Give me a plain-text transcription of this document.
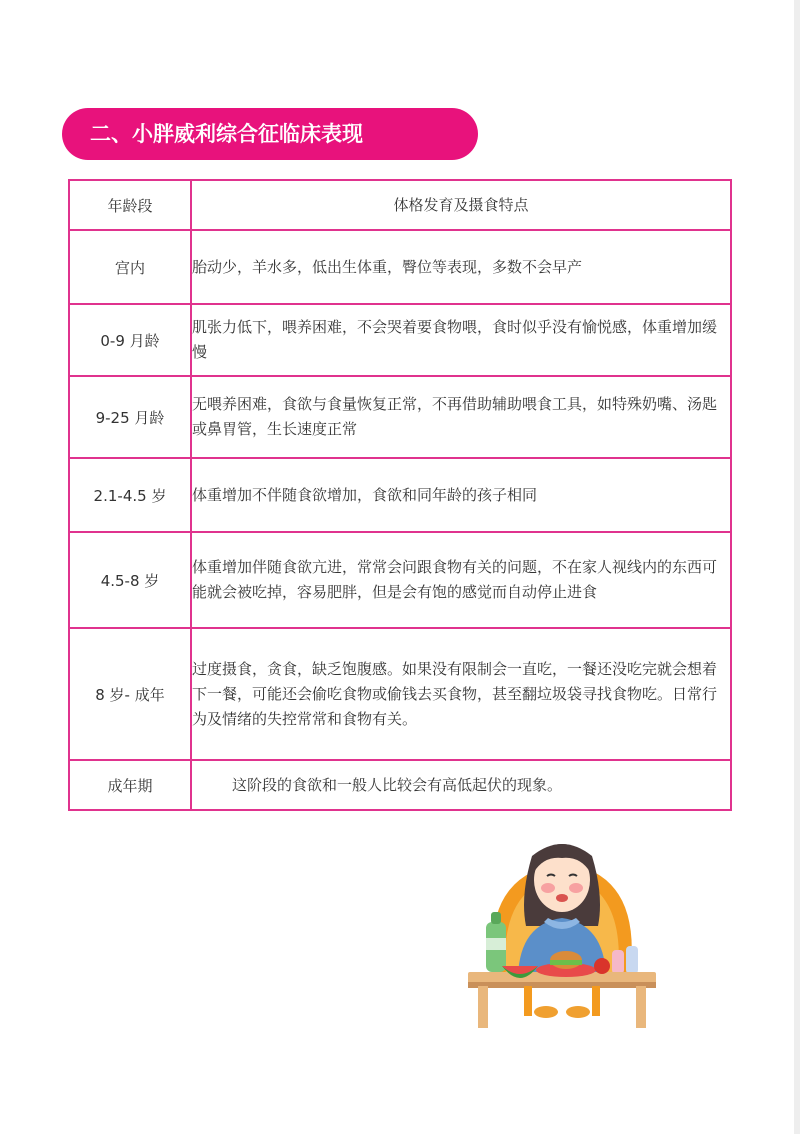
二、小胖威利综合征临床表现
年龄段	体格发育及摄食特点
宫内	胎动少，羊水多，低出生体重，臀位等表现，多数不会早产
0-9 月龄	肌张力低下，喂养困难，不会哭着要食物喂，食时似乎没有愉悦感，体重增加缓慢
9-25 月龄	无喂养困难，食欲与食量恢复正常，不再借助辅助喂食工具，如特殊奶嘴、汤匙或鼻胃管，生长速度正常
2.1-4.5 岁	体重增加不伴随食欲增加，食欲和同年龄的孩子相同
4.5-8 岁	体重增加伴随食欲亢进，常常会问跟食物有关的问题，不在家人视线内的东西可能就会被吃掉，容易肥胖，但是会有饱的感觉而自动停止进食
8 岁- 成年	过度摄食，贪食，缺乏饱腹感。如果没有限制会一直吃，一餐还没吃完就会想着下一餐，可能还会偷吃食物或偷钱去买食物，甚至翻垃圾袋寻找食物吃。日常行为及情绪的失控常常和食物有关。
成年期	这阶段的食欲和一般人比较会有高低起伏的现象。
